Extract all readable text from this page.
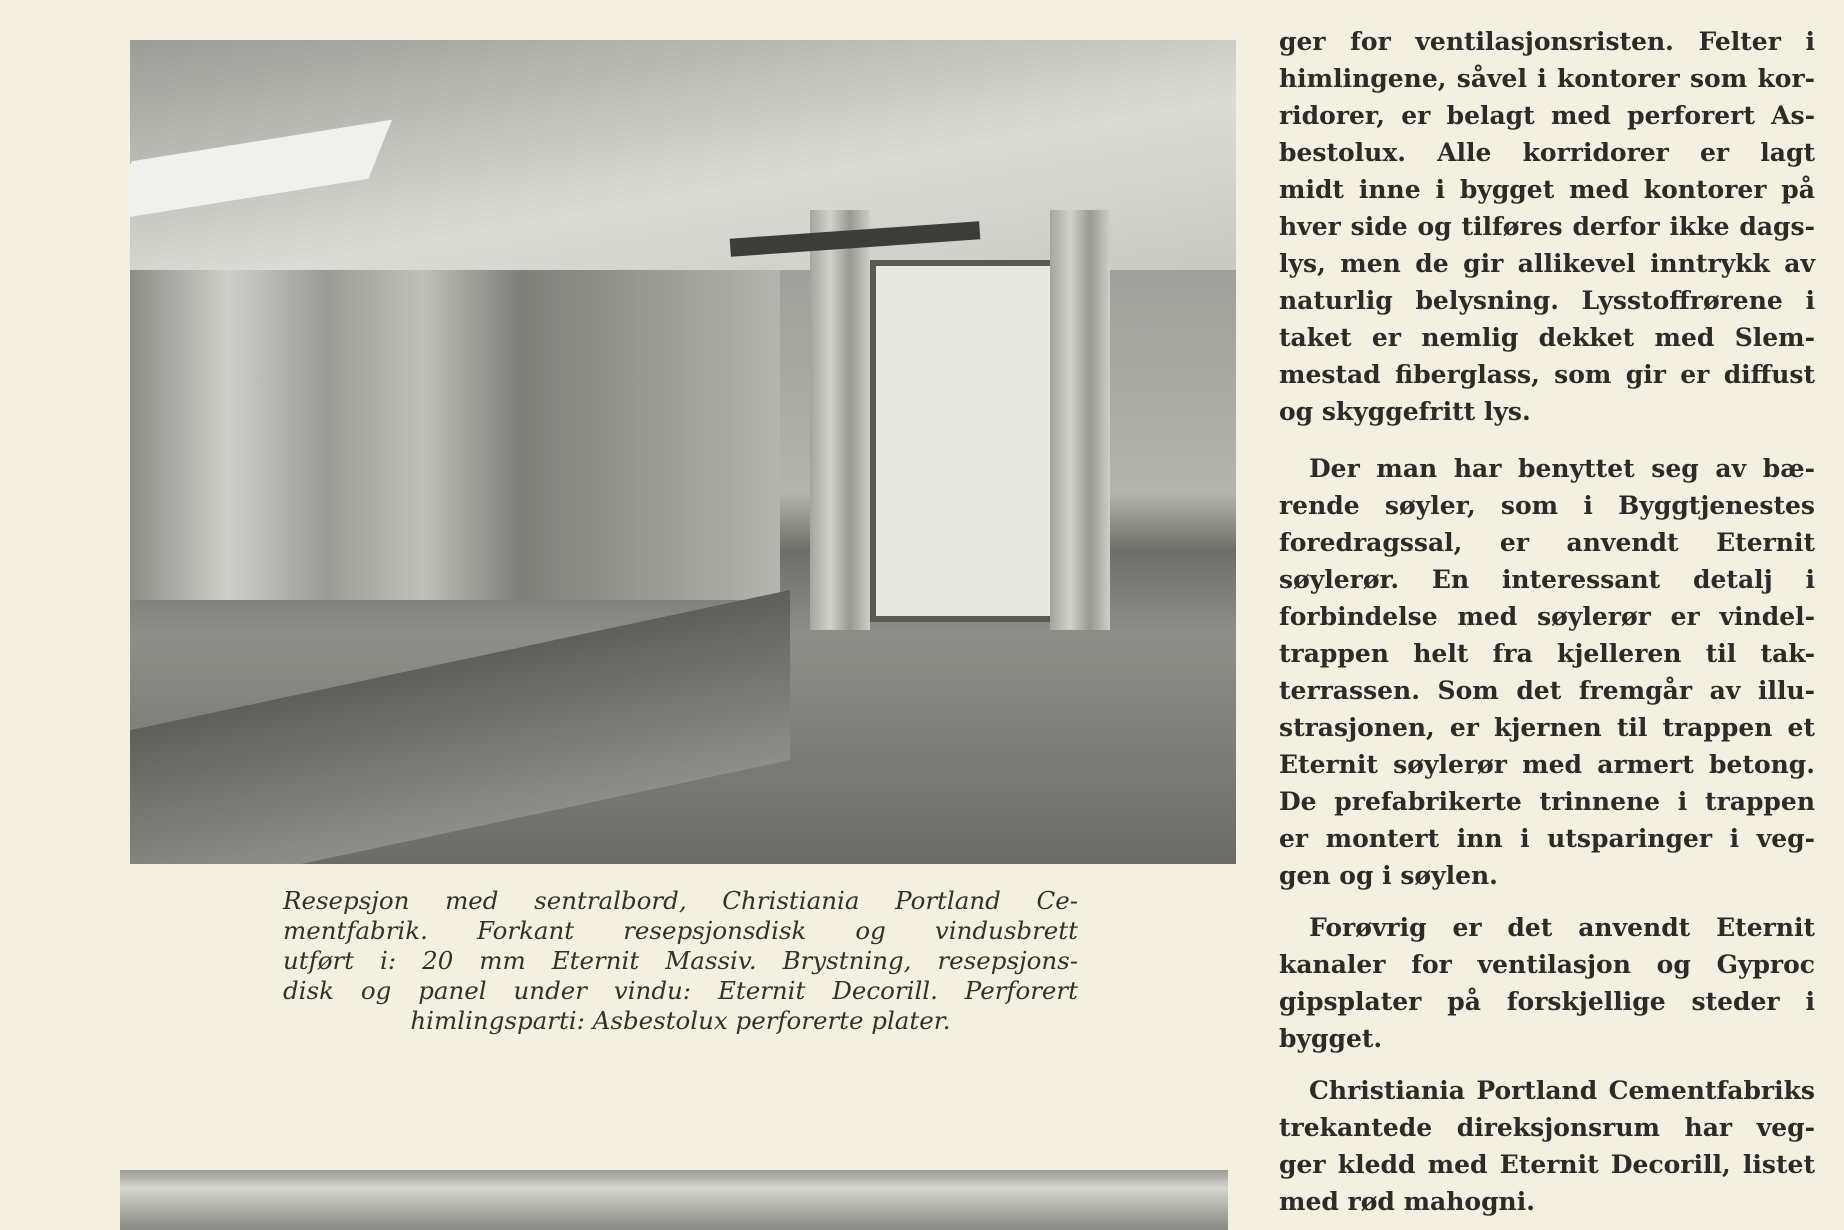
Resepsjon med sentralbord, Christiania Portland Ce-
mentfabrik. Forkant resepsjonsdisk og vindusbrett
utført i: 20 mm Eternit Massiv. Brystning, resepsjons-
disk og panel under vindu: Eternit Decorill. Perforert
himlingsparti: Asbestolux perforerte plater.
ger for ventilasjonsristen. Felter i
himlingene, såvel i kontorer som kor-
ridorer, er belagt med perforert As-
bestolux. Alle korridorer er lagt
midt inne i bygget med kontorer på
hver side og tilføres derfor ikke dags-
lys, men de gir allikevel inntrykk av
naturlig belysning. Lysstoffrørene i
taket er nemlig dekket med Slem-
mestad fiberglass, som gir er diffust
og skyggefritt lys.
Der man har benyttet seg av bæ-
rende søyler, som i Byggtjenestes
foredragssal, er anvendt Eternit
søylerør. En interessant detalj i
forbindelse med søylerør er vindel-
trappen helt fra kjelleren til tak-
terrassen. Som det fremgår av illu-
strasjonen, er kjernen til trappen et
Eternit søylerør med armert betong.
De prefabrikerte trinnene i trappen
er montert inn i utsparinger i veg-
gen og i søylen.
Forøvrig er det anvendt Eternit
kanaler for ventilasjon og Gyproc
gipsplater på forskjellige steder i
bygget.
Christiania Portland Cementfabriks
trekantede direksjonsrum har veg-
ger kledd med Eternit Decorill, listet
med rød mahogni.
